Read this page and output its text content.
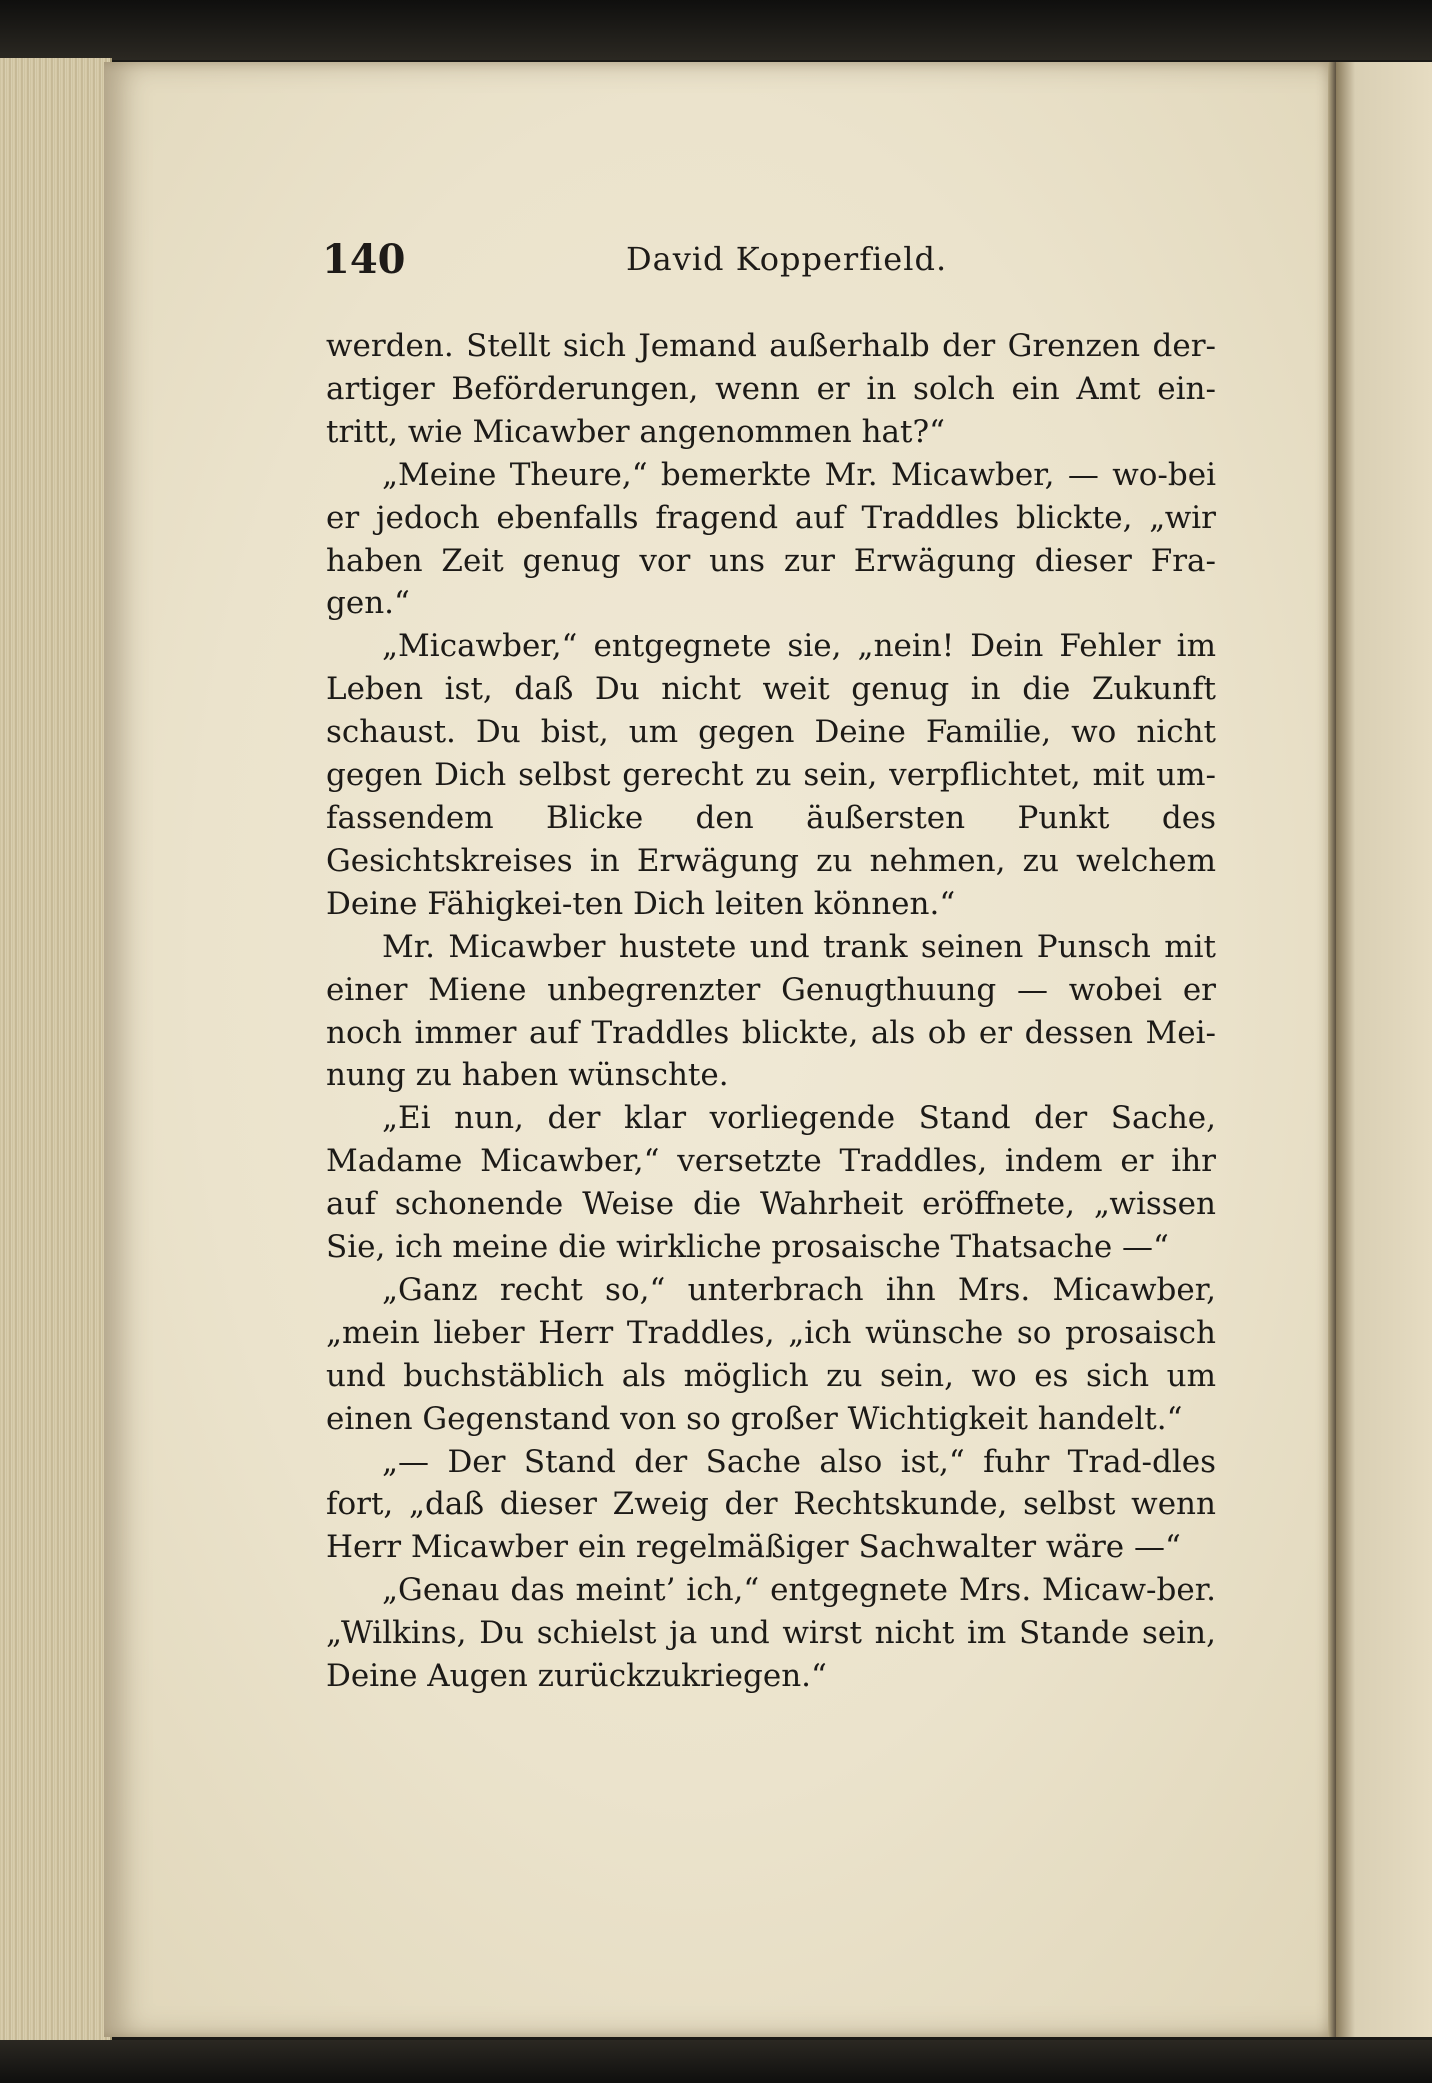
140	David Kopperfield.

werden. Stellt sich Jemand außerhalb der Grenzen der-artiger Beförderungen, wenn er in solch ein Amt ein-tritt, wie Micawber angenommen hat?“

„Meine Theure,“ bemerkte Mr. Micawber, — wo-bei er jedoch ebenfalls fragend auf Traddles blickte, „wir haben Zeit genug vor uns zur Erwägung dieser Fra-gen.“

„Micawber,“ entgegnete sie, „nein! Dein Fehler im Leben ist, daß Du nicht weit genug in die Zukunft schaust. Du bist, um gegen Deine Familie, wo nicht gegen Dich selbst gerecht zu sein, verpflichtet, mit um-fassendem Blicke den äußersten Punkt des Gesichtskreises in Erwägung zu nehmen, zu welchem Deine Fähigkei-ten Dich leiten können.“

Mr. Micawber hustete und trank seinen Punsch mit einer Miene unbegrenzter Genugthuung — wobei er noch immer auf Traddles blickte, als ob er dessen Mei-nung zu haben wünschte.

„Ei nun, der klar vorliegende Stand der Sache, Madame Micawber,“ versetzte Traddles, indem er ihr auf schonende Weise die Wahrheit eröffnete, „wissen Sie, ich meine die wirkliche prosaische Thatsache —“

„Ganz recht so,“ unterbrach ihn Mrs. Micawber, „mein lieber Herr Traddles, „ich wünsche so prosaisch und buchstäblich als möglich zu sein, wo es sich um einen Gegenstand von so großer Wichtigkeit handelt.“

„— Der Stand der Sache also ist,“ fuhr Trad-dles fort, „daß dieser Zweig der Rechtskunde, selbst wenn Herr Micawber ein regelmäßiger Sachwalter wäre —“

„Genau das meint’ ich,“ entgegnete Mrs. Micaw-ber. „Wilkins, Du schielst ja und wirst nicht im Stande sein, Deine Augen zurückzukriegen.“
